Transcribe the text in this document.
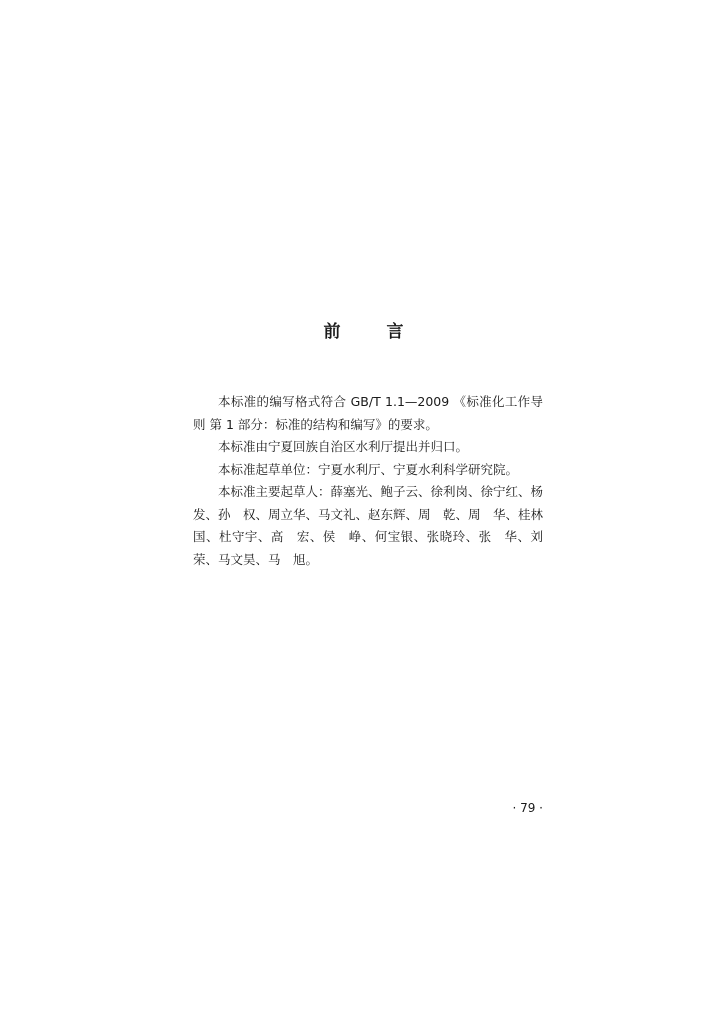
前 言

本标准的编写格式符合 GB/T 1.1—2009 《标准化工作导则 第 1 部分：标准的结构和编写》的要求。

本标准由宁夏回族自治区水利厅提出并归口。

本标准起草单位：宁夏水利厅、宁夏水利科学研究院。

本标准主要起草人：薛塞光、鲍子云、徐利岗、徐宁红、杨　发、孙　权、周立华、马文礼、赵东辉、周　乾、周　华、桂林国、杜守宇、高　宏、侯　峥、何宝银、张晓玲、张　华、刘　荣、马文昊、马　旭。

· 79 ·
